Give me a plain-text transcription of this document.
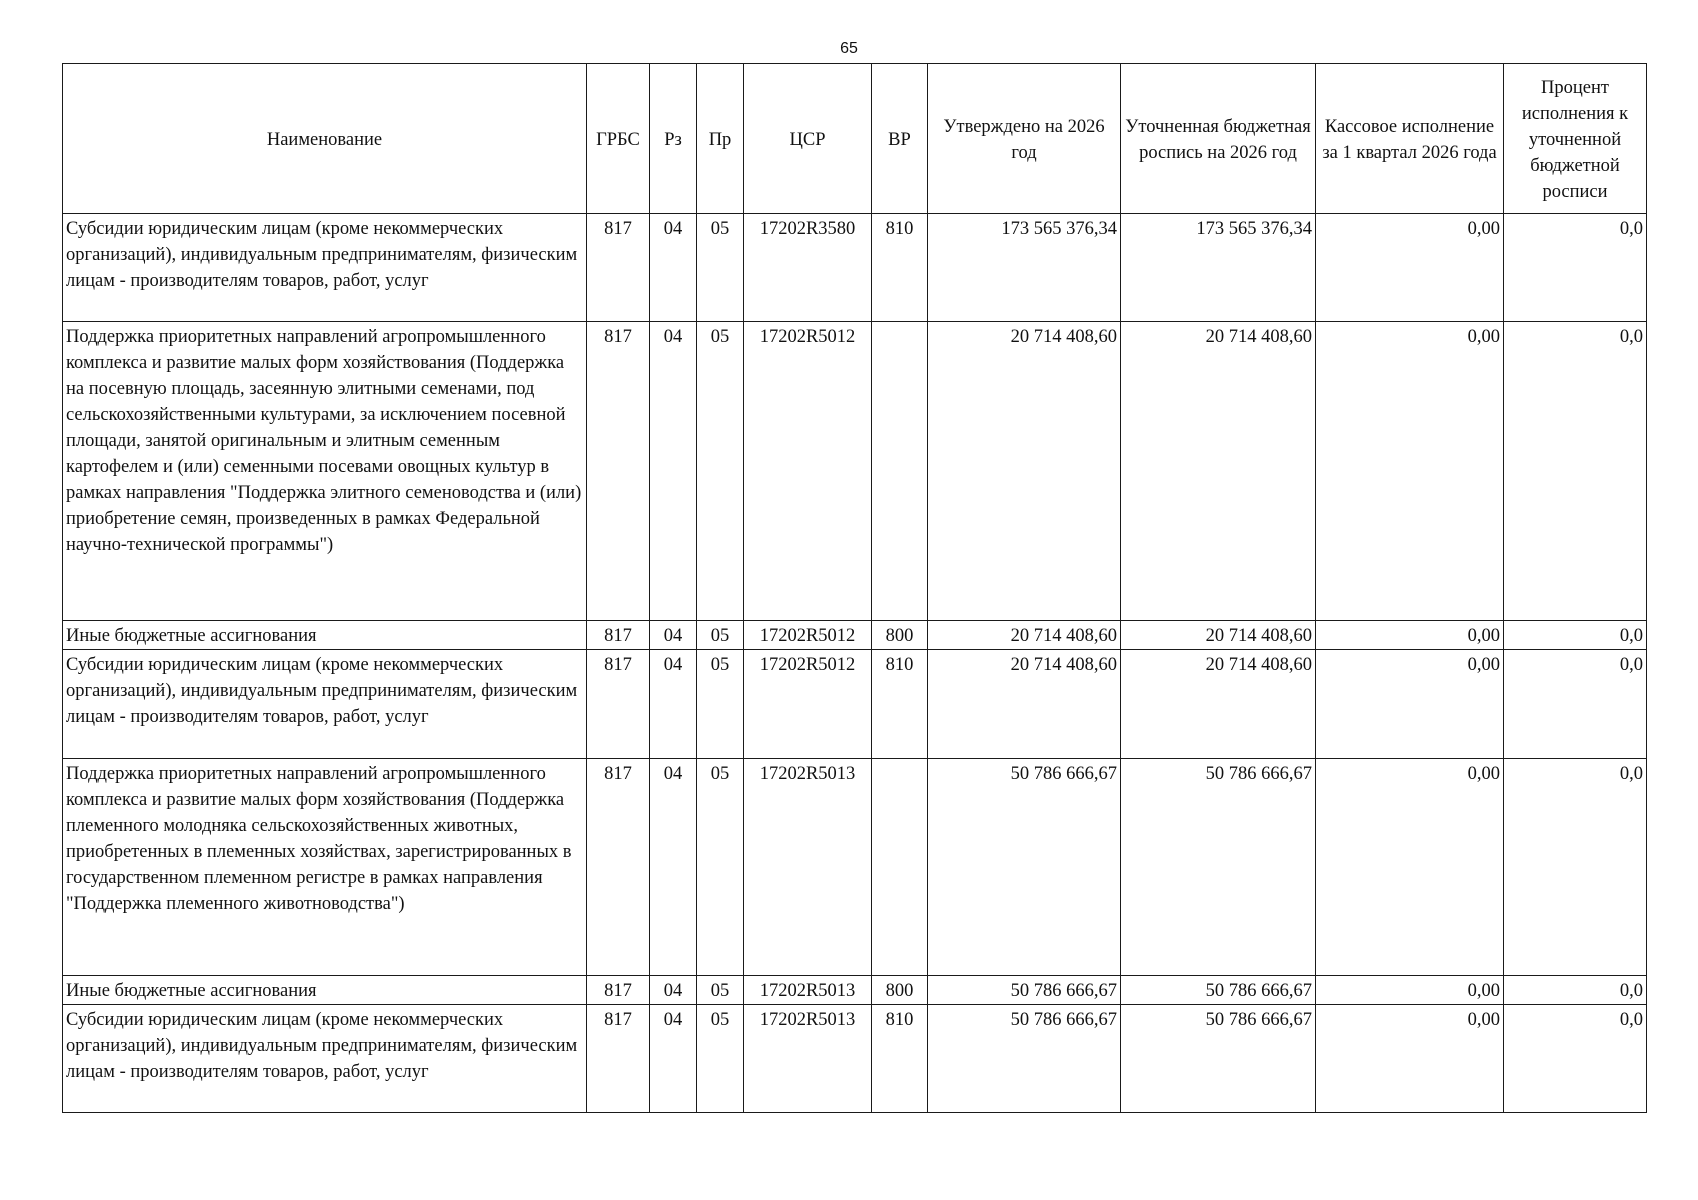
65
Наименование	ГРБС	Рз	Пр	ЦСР	ВР	Утверждено на 2026 год	Уточненная бюджетная роспись на 2026 год	Кассовое исполнение за 1 квартал 2026 года	Процент исполнения к уточненной бюджетной росписи
Субсидии юридическим лицам (кроме некоммерческих организаций), индивидуальным предпринимателям, физическим лицам - производителям товаров, работ, услуг	817	04	05	17202R3580	810	173 565 376,34	173 565 376,34	0,00	0,0
Поддержка приоритетных направлений агропромышленного комплекса и развитие малых форм хозяйствования (Поддержка на посевную площадь, засеянную элитными семенами, под сельскохозяйственными культурами, за исключением посевной площади, занятой оригинальным и элитным семенным картофелем и (или) семенными посевами овощных культур в рамках направления "Поддержка элитного семеноводства и (или) приобретение семян, произведенных в рамках Федеральной научно-технической программы")	817	04	05	17202R5012		20 714 408,60	20 714 408,60	0,00	0,0
Иные бюджетные ассигнования	817	04	05	17202R5012	800	20 714 408,60	20 714 408,60	0,00	0,0
Субсидии юридическим лицам (кроме некоммерческих организаций), индивидуальным предпринимателям, физическим лицам - производителям товаров, работ, услуг	817	04	05	17202R5012	810	20 714 408,60	20 714 408,60	0,00	0,0
Поддержка приоритетных направлений агропромышленного комплекса и развитие малых форм хозяйствования (Поддержка племенного молодняка сельскохозяйственных животных, приобретенных в племенных хозяйствах, зарегистрированных в государственном племенном регистре в рамках направления "Поддержка племенного животноводства")	817	04	05	17202R5013		50 786 666,67	50 786 666,67	0,00	0,0
Иные бюджетные ассигнования	817	04	05	17202R5013	800	50 786 666,67	50 786 666,67	0,00	0,0
Субсидии юридическим лицам (кроме некоммерческих организаций), индивидуальным предпринимателям, физическим лицам - производителям товаров, работ, услуг	817	04	05	17202R5013	810	50 786 666,67	50 786 666,67	0,00	0,0
